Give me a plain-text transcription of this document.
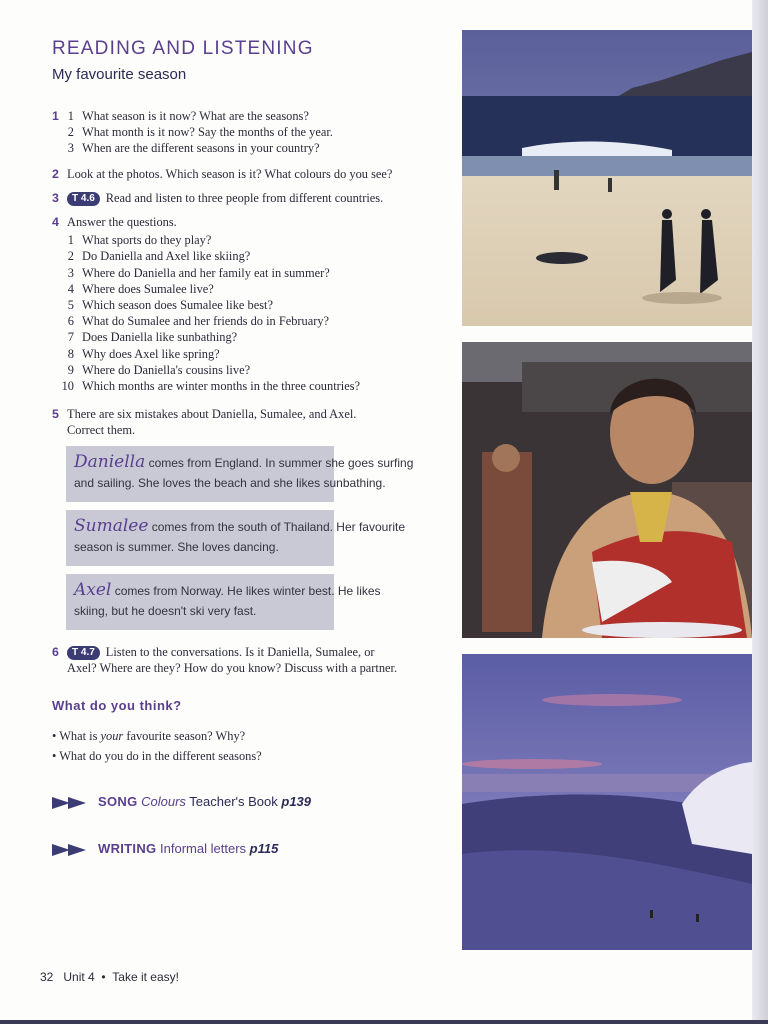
READING AND LISTENING
My favourite season
1 1 What season is it now? What are the seasons?
2 What month is it now? Say the months of the year.
3 When are the different seasons in your country?
2 Look at the photos. Which season is it? What colours do you see?
3	T 4.6 Read and listen to three people from different countries.
4 Answer the questions.
1 What sports do they play?
2 Do Daniella and Axel like skiing?
3 Where do Daniella and her family eat in summer?
4 Where does Sumalee live?
5 Which season does Sumalee like best?
6 What do Sumalee and her friends do in February?
7 Does Daniella like sunbathing?
8 Why does Axel like spring?
9 Where do Daniella's cousins live?
10 Which months are winter months in the three countries?
5 There are six mistakes about Daniella, Sumalee, and Axel.
Correct them.
Daniella comes from England. In summer she goes surfing
and sailing. She loves the beach and she likes sunbathing.
Sumalee comes from the south of Thailand. Her favourite
season is summer. She loves dancing.
Axel comes from Norway. He likes winter best. He likes
skiing, but he doesn't ski very fast.
6	T 4.7 Listen to the conversations. Is it Daniella, Sumalee, or
Axel? Where are they? How do you know? Discuss with a partner.
What do you think?
• What is your favourite season? Why?
• What do you do in the different seasons?
SONG Colours Teacher's Book p139
WRITING Informal letters p115
32 Unit 4 • Take it easy!
